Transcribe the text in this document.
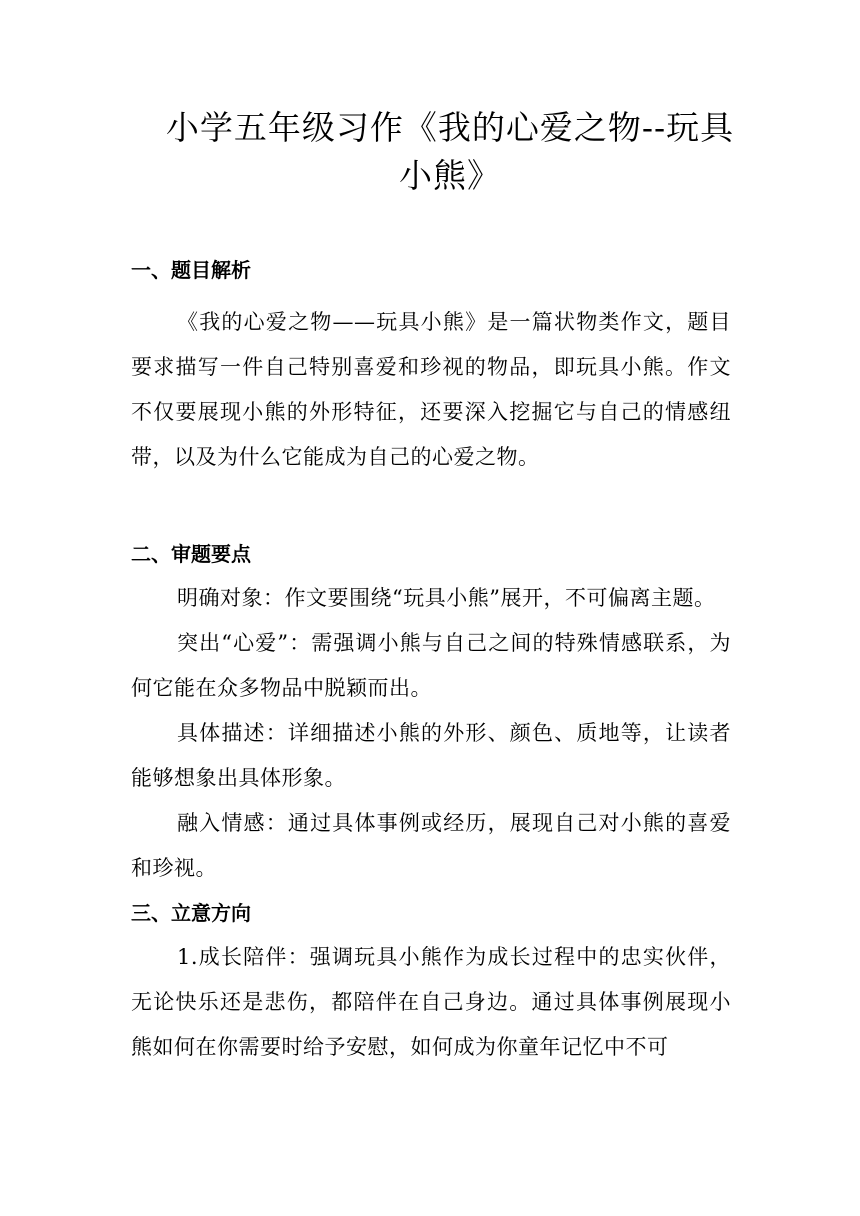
小学五年级习作《我的心爱之物--玩具小熊》
一、题目解析

《我的心爱之物——玩具小熊》是一篇状物类作文，题目要求描写一件自己特别喜爱和珍视的物品，即玩具小熊。作文不仅要展现小熊的外形特征，还要深入挖掘它与自己的情感纽带，以及为什么它能成为自己的心爱之物。

二、审题要点

明确对象：作文要围绕“玩具小熊”展开，不可偏离主题。

突出“心爱”：需强调小熊与自己之间的特殊情感联系，为何它能在众多物品中脱颖而出。

具体描述：详细描述小熊的外形、颜色、质地等，让读者能够想象出具体形象。

融入情感：通过具体事例或经历，展现自己对小熊的喜爱和珍视。

三、立意方向

1.成长陪伴：强调玩具小熊作为成长过程中的忠实伙伴，无论快乐还是悲伤，都陪伴在自己身边。通过具体事例展现小熊如何在你需要时给予安慰，如何成为你童年记忆中不可
